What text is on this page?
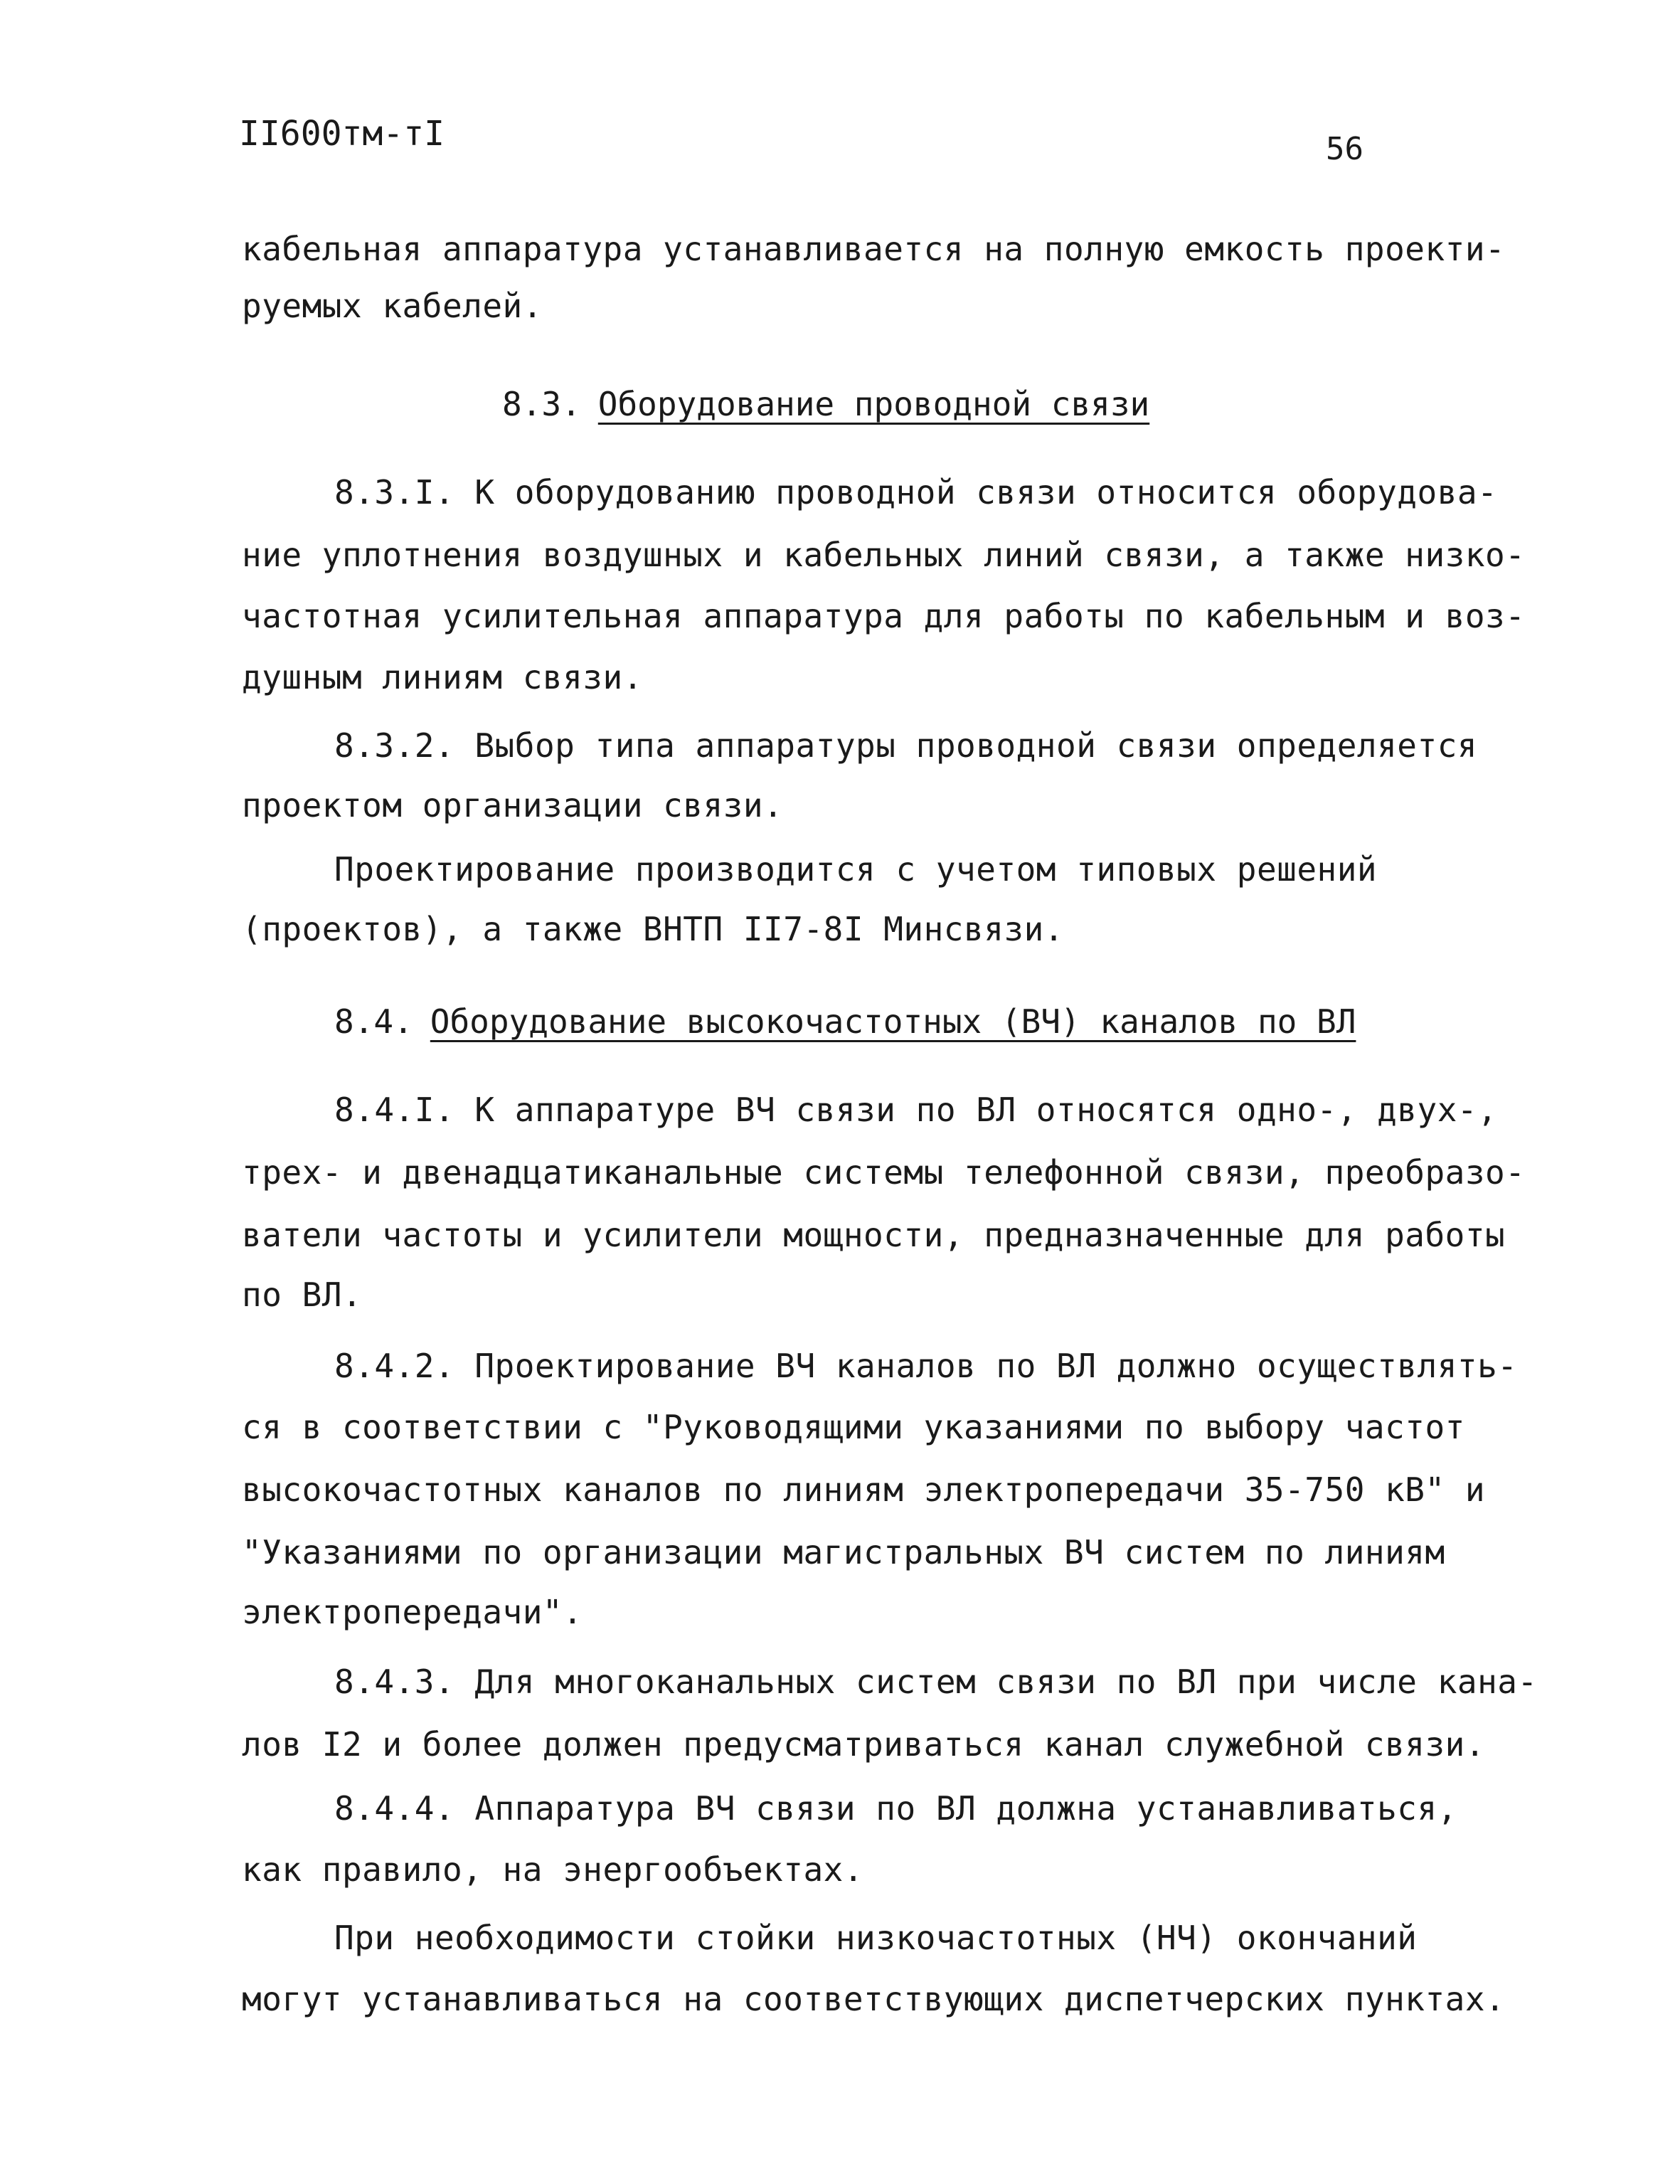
II600тм-тI	56
кабельная аппаратура устанавливается на полную емкость проекти-
руемых кабелей.
8.3. Оборудование проводной связи
8.3.I. К оборудованию проводной связи относится оборудова-
ние уплотнения воздушных и кабельных линий связи, а также низко-
частотная усилительная аппаратура для работы по кабельным и воз-
душным линиям связи.
8.3.2. Выбор типа аппаратуры проводной связи определяется
проектом организации связи.
Проектирование производится с учетом типовых решений
(проектов), а также ВНТП II7-8I Минсвязи.
8.4. Оборудование высокочастотных (ВЧ) каналов по ВЛ
8.4.I. К аппаратуре ВЧ связи по ВЛ относятся одно-, двух-,
трех- и двенадцатиканальные системы телефонной связи, преобразо-
ватели частоты и усилители мощности, предназначенные для работы
по ВЛ.
8.4.2. Проектирование ВЧ каналов по ВЛ должно осуществлять-
ся в соответствии с "Руководящими указаниями по выбору частот
высокочастотных каналов по линиям электропередачи 35-750 кВ" и
"Указаниями по организации магистральных ВЧ систем по линиям
электропередачи".
8.4.3. Для многоканальных систем связи по ВЛ при числе кана-
лов I2 и более должен предусматриваться канал служебной связи.
8.4.4. Аппаратура ВЧ связи по ВЛ должна устанавливаться,
как правило, на энергообъектах.
При необходимости стойки низкочастотных (НЧ) окончаний
могут устанавливаться на соответствующих диспетчерских пунктах.
